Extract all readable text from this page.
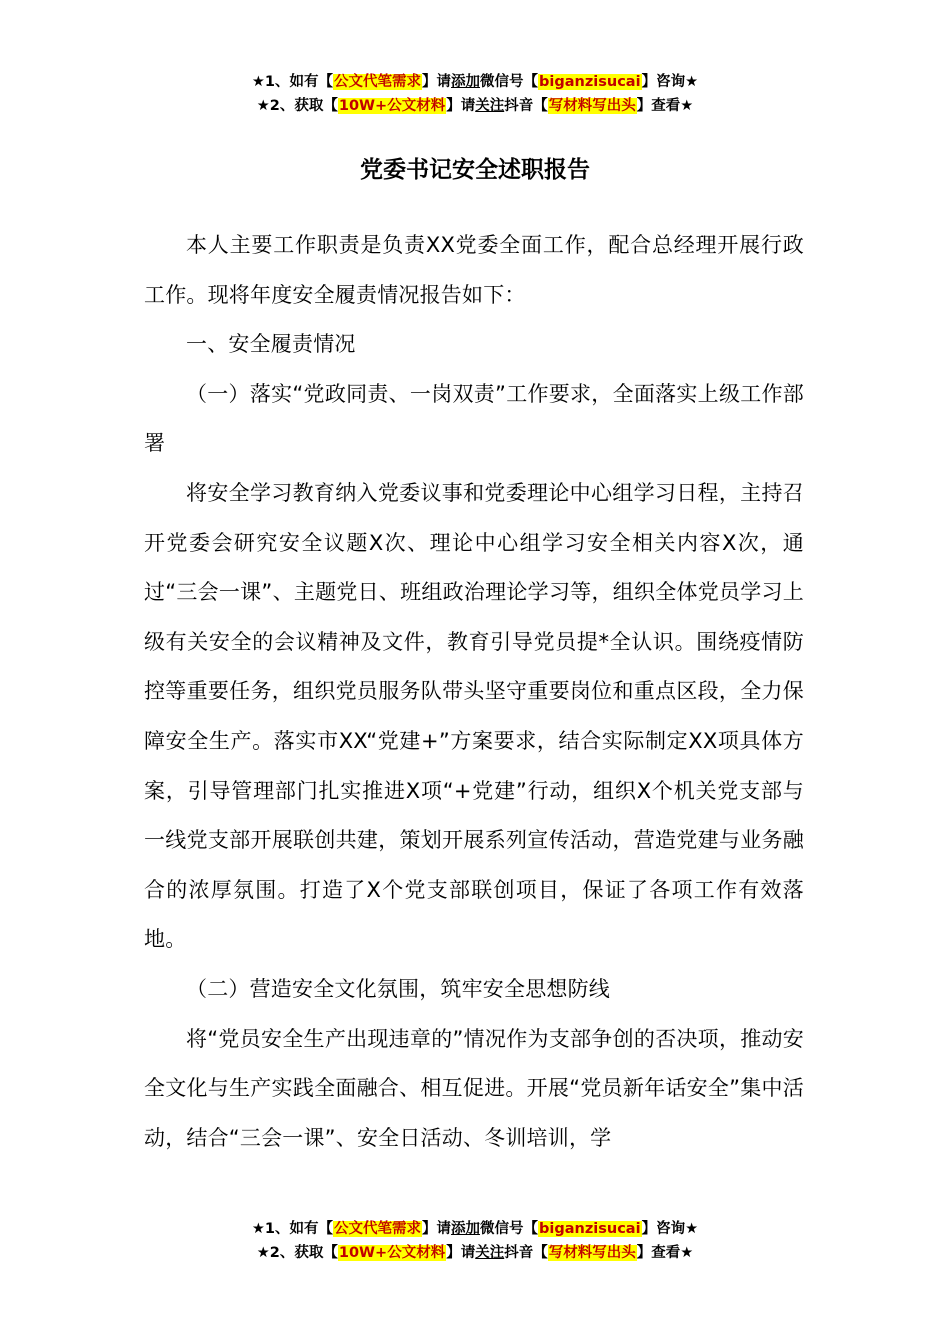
★1、如有【公文代笔需求】请添加微信号【biganzisucai】咨询★
★2、获取【10W+公文材料】请关注抖音【写材料写出头】查看★
党委书记安全述职报告

本人主要工作职责是负责XX党委全面工作，配合总经理开展行政工作。现将年度安全履责情况报告如下：

一、安全履责情况

（一）落实“党政同责、一岗双责”工作要求，全面落实上级工作部署

将安全学习教育纳入党委议事和党委理论中心组学习日程，主持召开党委会研究安全议题X次、理论中心组学习安全相关内容X次，通过“三会一课”、主题党日、班组政治理论学习等，组织全体党员学习上级有关安全的会议精神及文件，教育引导党员提*全认识。围绕疫情防控等重要任务，组织党员服务队带头坚守重要岗位和重点区段，全力保障安全生产。落实市XX“党建+”方案要求，结合实际制定XX项具体方案，引导管理部门扎实推进X项“+党建”行动，组织X个机关党支部与一线党支部开展联创共建，策划开展系列宣传活动，营造党建与业务融合的浓厚氛围。打造了X个党支部联创项目，保证了各项工作有效落地。

（二）营造安全文化氛围，筑牢安全思想防线

将“党员安全生产出现违章的”情况作为支部争创的否决项，推动安全文化与生产实践全面融合、相互促进。开展“党员新年话安全”集中活动，结合“三会一课”、安全日活动、冬训培训，学

★1、如有【公文代笔需求】请添加微信号【biganzisucai】咨询★
★2、获取【10W+公文材料】请关注抖音【写材料写出头】查看★
